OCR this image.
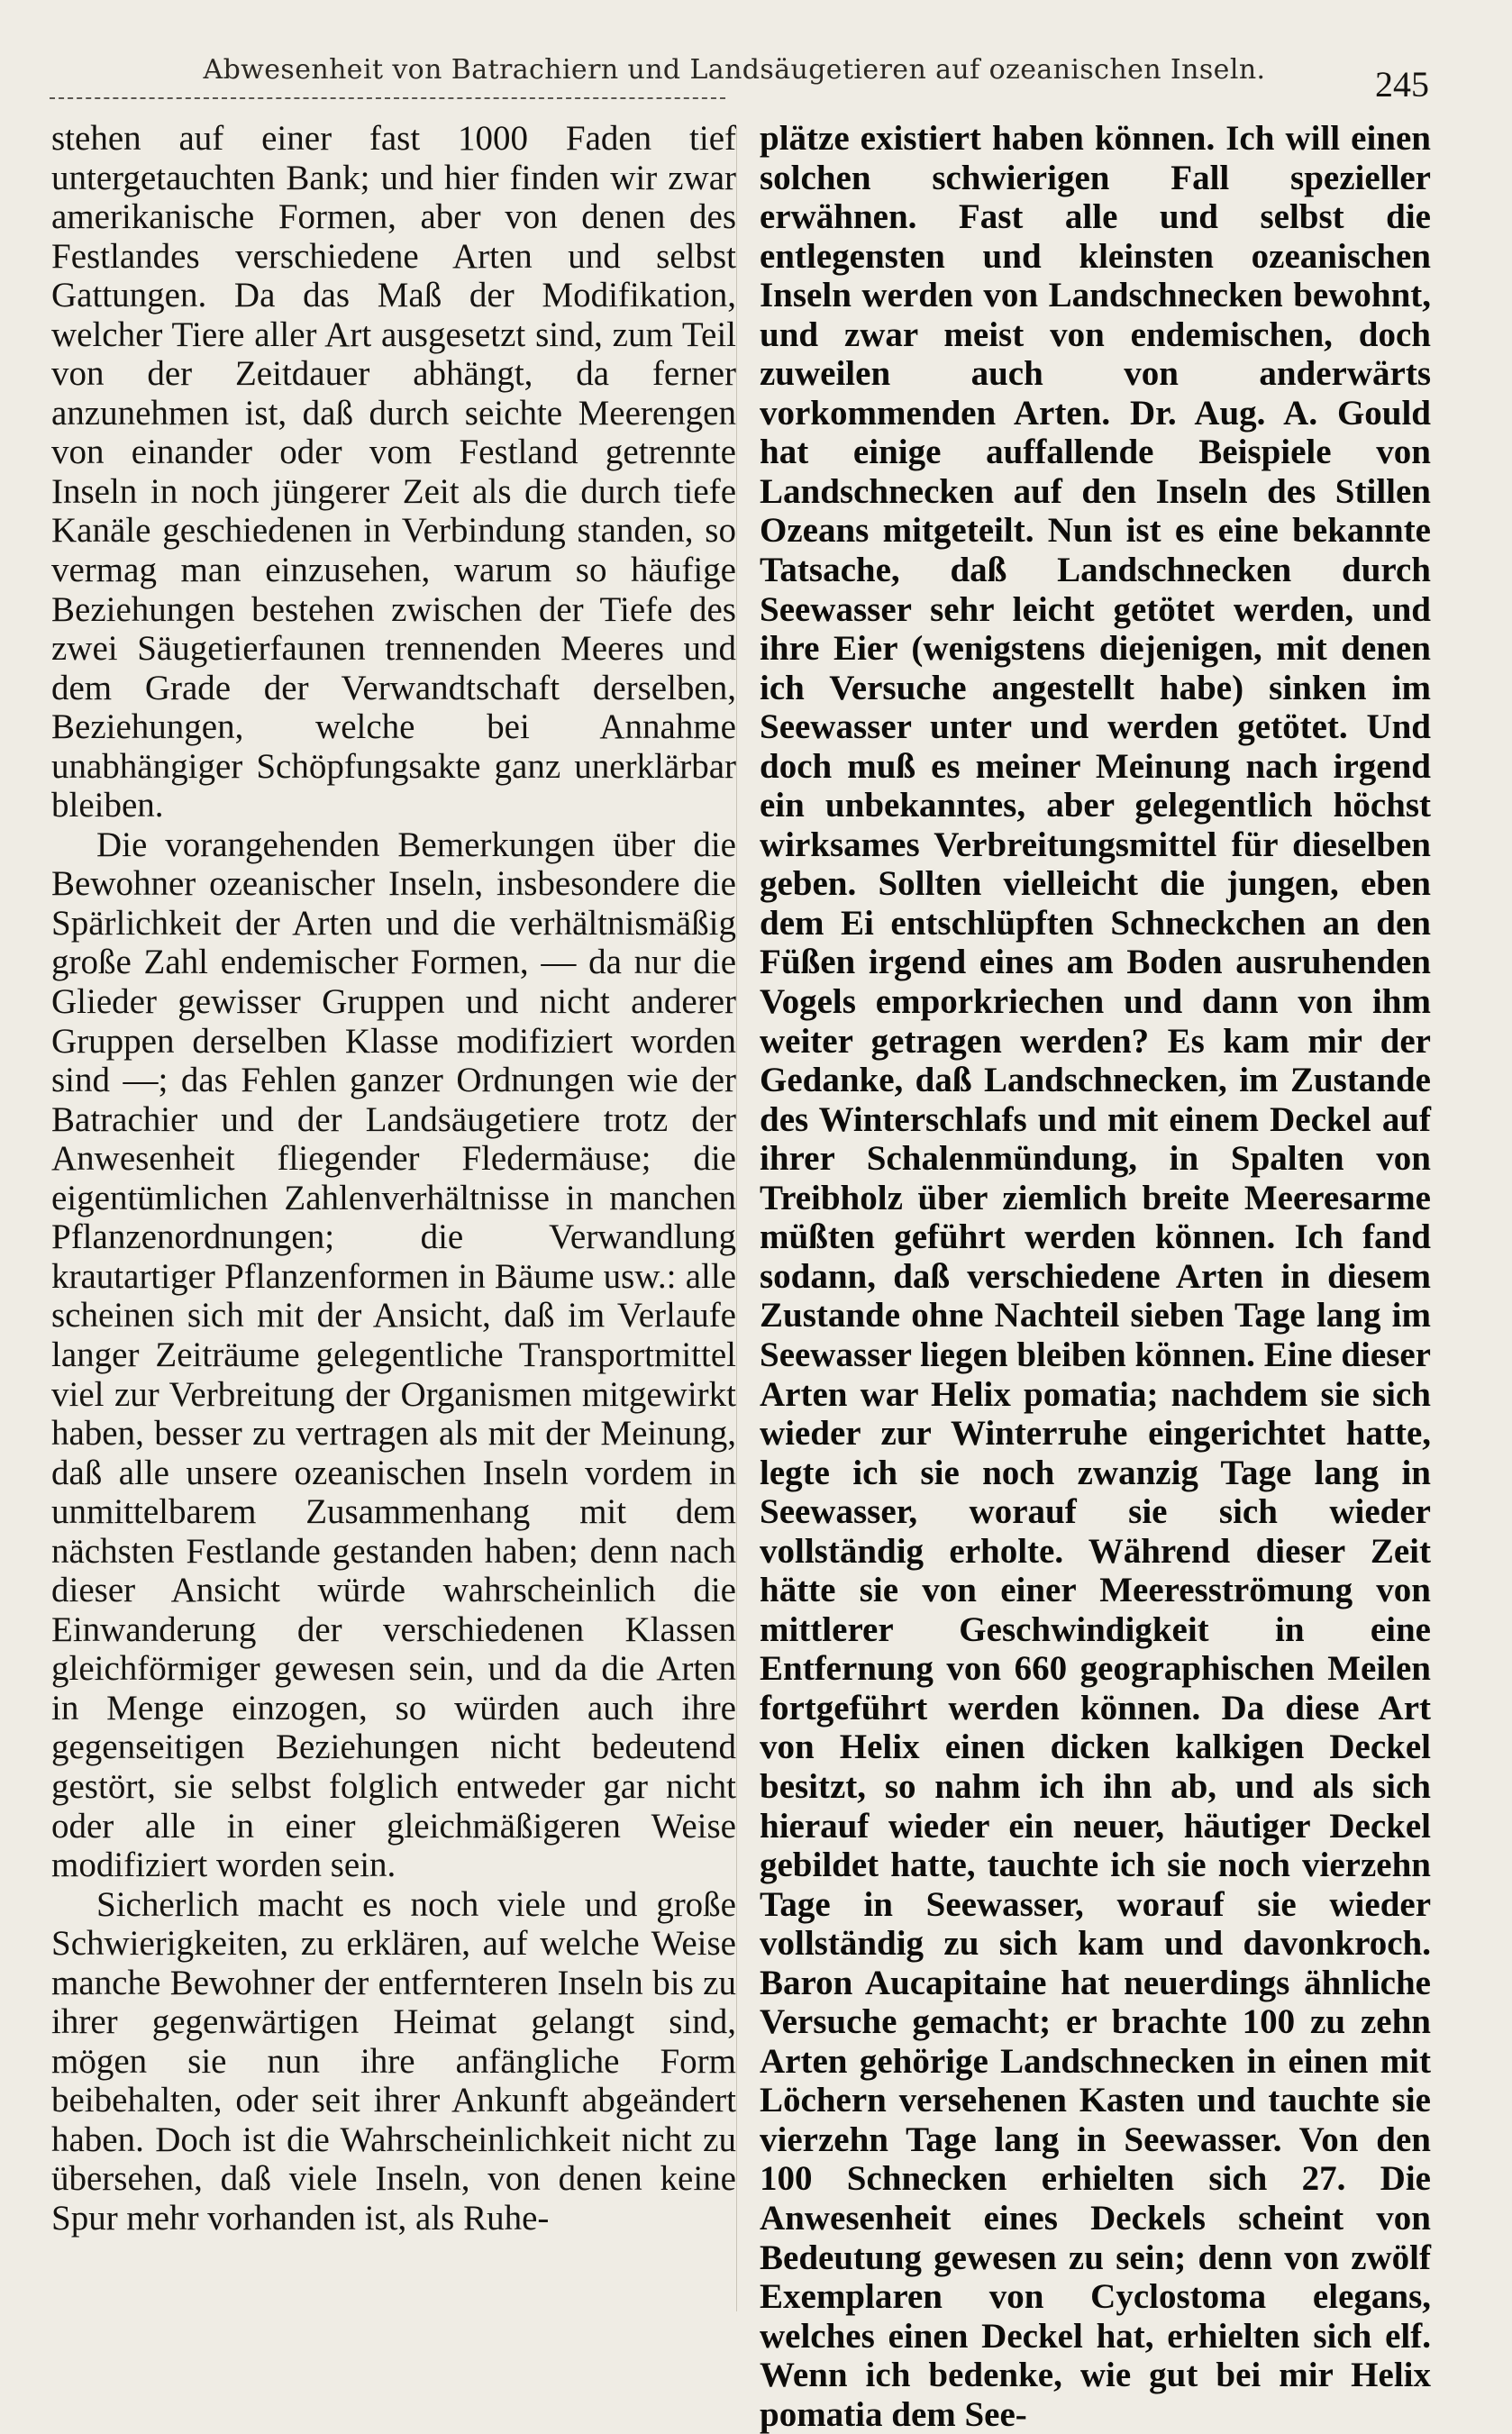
Abwesenheit von Batrachiern und Landsäugetieren auf ozeanischen Inseln.	245

stehen auf einer fast 1000 Faden tief untergetauchten Bank; und hier finden wir zwar amerikanische Formen, aber von denen des Festlandes verschiedene Arten und selbst Gattungen. Da das Maß der Modifikation, welcher Tiere aller Art ausgesetzt sind, zum Teil von der Zeitdauer abhängt, da ferner anzunehmen ist, daß durch seichte Meerengen von einander oder vom Festland getrennte Inseln in noch jüngerer Zeit als die durch tiefe Kanäle geschiedenen in Verbindung standen, so vermag man einzusehen, warum so häufige Beziehungen bestehen zwischen der Tiefe des zwei Säugetierfaunen trennenden Meeres und dem Grade der Verwandtschaft derselben, Beziehungen, welche bei Annahme unabhängiger Schöpfungsakte ganz unerklärbar bleiben.

Die vorangehenden Bemerkungen über die Bewohner ozeanischer Inseln, insbesondere die Spärlichkeit der Arten und die verhältnismäßig große Zahl endemischer Formen, — da nur die Glieder gewisser Gruppen und nicht anderer Gruppen derselben Klasse modifiziert worden sind —; das Fehlen ganzer Ordnungen wie der Batrachier und der Landsäugetiere trotz der Anwesenheit fliegender Fledermäuse; die eigentümlichen Zahlenverhältnisse in manchen Pflanzenordnungen; die Verwandlung krautartiger Pflanzenformen in Bäume usw.: alle scheinen sich mit der Ansicht, daß im Verlaufe langer Zeiträume gelegentliche Transportmittel viel zur Verbreitung der Organismen mitgewirkt haben, besser zu vertragen als mit der Meinung, daß alle unsere ozeanischen Inseln vordem in unmittelbarem Zusammenhang mit dem nächsten Festlande gestanden haben; denn nach dieser Ansicht würde wahrscheinlich die Einwanderung der verschiedenen Klassen gleichförmiger gewesen sein, und da die Arten in Menge einzogen, so würden auch ihre gegenseitigen Beziehungen nicht bedeutend gestört, sie selbst folglich entweder gar nicht oder alle in einer gleichmäßigeren Weise modifiziert worden sein.

Sicherlich macht es noch viele und große Schwierigkeiten, zu erklären, auf welche Weise manche Bewohner der entfernteren Inseln bis zu ihrer gegenwärtigen Heimat gelangt sind, mögen sie nun ihre anfängliche Form beibehalten, oder seit ihrer Ankunft abgeändert haben. Doch ist die Wahrscheinlichkeit nicht zu übersehen, daß viele Inseln, von denen keine Spur mehr vorhanden ist, als Ruhe-

plätze existiert haben können. Ich will einen solchen schwierigen Fall spezieller erwähnen. Fast alle und selbst die entlegensten und kleinsten ozeanischen Inseln werden von Landschnecken bewohnt, und zwar meist von endemischen, doch zuweilen auch von anderwärts vorkommenden Arten. Dr. Aug. A. Gould hat einige auffallende Beispiele von Landschnecken auf den Inseln des Stillen Ozeans mitgeteilt. Nun ist es eine bekannte Tatsache, daß Landschnecken durch Seewasser sehr leicht getötet werden, und ihre Eier (wenigstens diejenigen, mit denen ich Versuche angestellt habe) sinken im Seewasser unter und werden getötet. Und doch muß es meiner Meinung nach irgend ein unbekanntes, aber gelegentlich höchst wirksames Verbreitungsmittel für dieselben geben. Sollten vielleicht die jungen, eben dem Ei entschlüpften Schneckchen an den Füßen irgend eines am Boden ausruhenden Vogels emporkriechen und dann von ihm weiter getragen werden? Es kam mir der Gedanke, daß Landschnecken, im Zustande des Winterschlafs und mit einem Deckel auf ihrer Schalenmündung, in Spalten von Treibholz über ziemlich breite Meeresarme müßten geführt werden können. Ich fand sodann, daß verschiedene Arten in diesem Zustande ohne Nachteil sieben Tage lang im Seewasser liegen bleiben können. Eine dieser Arten war Helix pomatia; nachdem sie sich wieder zur Winterruhe eingerichtet hatte, legte ich sie noch zwanzig Tage lang in Seewasser, worauf sie sich wieder vollständig erholte. Während dieser Zeit hätte sie von einer Meeresströmung von mittlerer Geschwindigkeit in eine Entfernung von 660 geographischen Meilen fortgeführt werden können. Da diese Art von Helix einen dicken kalkigen Deckel besitzt, so nahm ich ihn ab, und als sich hierauf wieder ein neuer, häutiger Deckel gebildet hatte, tauchte ich sie noch vierzehn Tage in Seewasser, worauf sie wieder vollständig zu sich kam und davonkroch. Baron Aucapitaine hat neuerdings ähnliche Versuche gemacht; er brachte 100 zu zehn Arten gehörige Landschnecken in einen mit Löchern versehenen Kasten und tauchte sie vierzehn Tage lang in Seewasser. Von den 100 Schnecken erhielten sich 27. Die Anwesenheit eines Deckels scheint von Bedeutung gewesen zu sein; denn von zwölf Exemplaren von Cyclostoma elegans, welches einen Deckel hat, erhielten sich elf. Wenn ich bedenke, wie gut bei mir Helix pomatia dem See-
